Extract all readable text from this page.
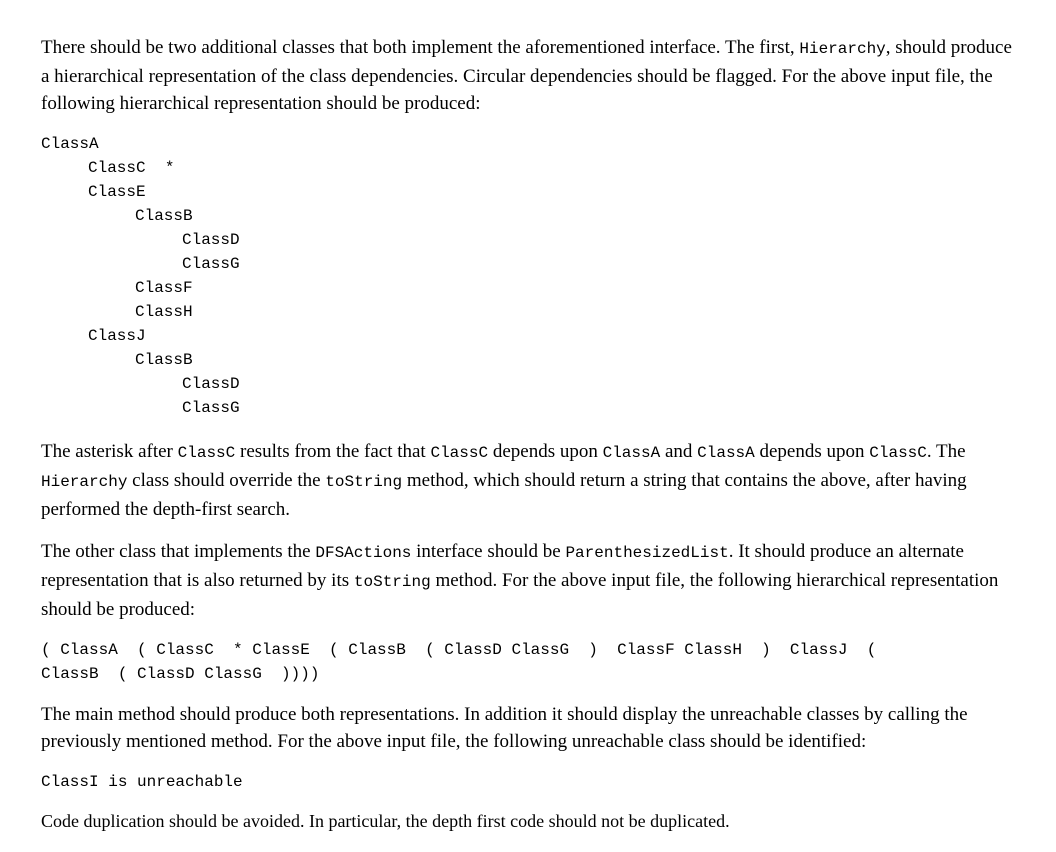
There should be two additional classes that both implement the aforementioned interface. The first, Hierarchy, should produce a hierarchical representation of the class dependencies. Circular dependencies should be flagged. For the above input file, the following hierarchical representation should be produced:

ClassA
ClassC  *
ClassE
ClassB
ClassD
ClassG
ClassF
ClassH
ClassJ
ClassB
ClassD
ClassG

The asterisk after ClassC results from the fact that ClassC depends upon ClassA and ClassA depends upon ClassC. The Hierarchy class should override the toString method, which should return a string that contains the above, after having performed the depth-first search.

The other class that implements the DFSActions interface should be ParenthesizedList. It should produce an alternate representation that is also returned by its toString method. For the above input file, the following hierarchical representation should be produced:

( ClassA  ( ClassC  * ClassE  ( ClassB  ( ClassD ClassG  )  ClassF ClassH  )  ClassJ  (
ClassB  ( ClassD ClassG  ))))

The main method should produce both representations. In addition it should display the unreachable classes by calling the previously mentioned method. For the above input file, the following unreachable class should be identified:

ClassI is unreachable

Code duplication should be avoided. In particular, the depth first code should not be duplicated.
